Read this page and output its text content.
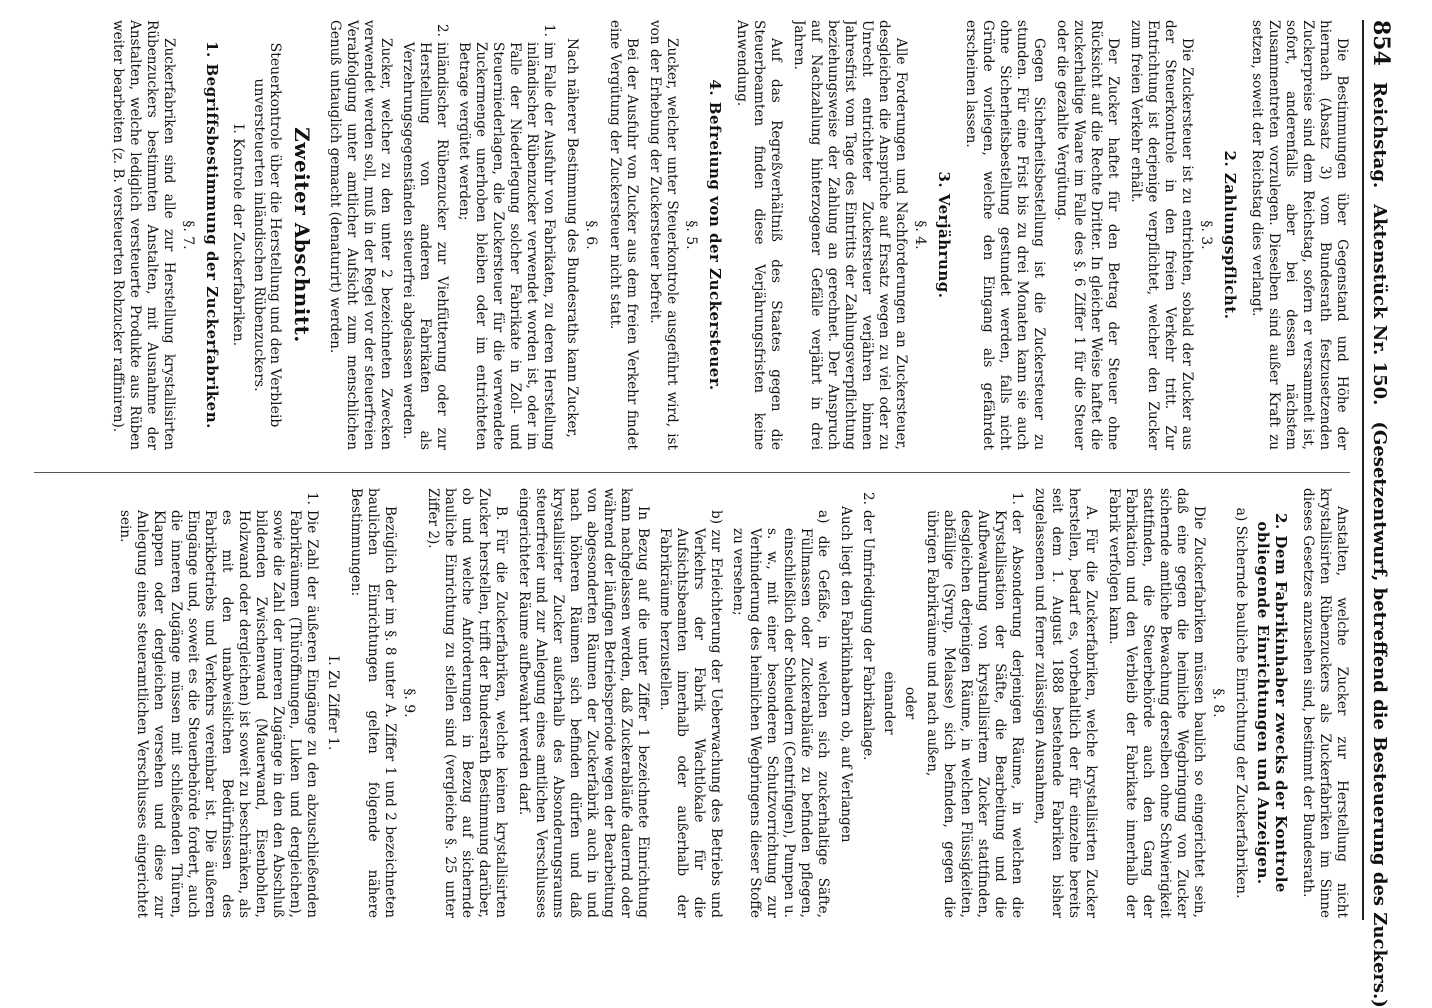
854
Reichstag.
Aktenstück Nr. 150.
(Gesetzentwurf, betreffend die Besteuerung des Zuckers.)

Die Bestimmungen über Gegenstand und Höhe der hiernach (Absatz 3) vom Bundesrath festzusetzenden Zuckerpreise sind dem Reichstag, sofern er versammelt ist, sofort, anderenfalls aber bei dessen nächstem Zusammentreten vorzulegen. Dieselben sind außer Kraft zu setzen, soweit der Reichstag dies verlangt.

2. Zahlungspflicht.
§. 3.

Die Zuckersteuer ist zu entrichten, sobald der Zucker aus der Steuerkontrole in den freien Verkehr tritt. Zur Entrichtung ist derjenige verpflichtet, welcher den Zucker zum freien Verkehr erhält.

Der Zucker haftet für den Betrag der Steuer ohne Rücksicht auf die Rechte Dritter. In gleicher Weise haftet die zuckerhaltige Waare im Falle des §. 6 Ziffer 1 für die Steuer oder die gezahlte Vergütung.

Gegen Sicherheitsbestellung ist die Zuckersteuer zu stunden. Für eine Frist bis zu drei Monaten kann sie auch ohne Sicherheitsbestellung gestundet werden, falls nicht Gründe vorliegen, welche den Eingang als gefährdet erscheinen lassen.

3. Verjährung.
§. 4.

Alle Forderungen und Nachforderungen an Zuckersteuer, desgleichen die Ansprüche auf Ersatz wegen zu viel oder zu Unrecht entrichteter Zuckersteuer verjähren binnen Jahresfrist vom Tage des Eintritts der Zahlungsverpflichtung beziehungsweise der Zahlung an gerechnet. Der Anspruch auf Nachzahlung hinterzogener Gefälle verjährt in drei Jahren.

Auf das Regreßverhältniß des Staates gegen die Steuerbeamten finden diese Verjährungsfristen keine Anwendung.

4. Befreiung von der Zuckersteuer.
§. 5.

Zucker, welcher unter Steuerkontrole ausgeführt wird, ist von der Erhebung der Zuckersteuer befreit.

Bei der Ausfuhr von Zucker aus dem freien Verkehr findet eine Vergütung der Zuckersteuer nicht statt.

§. 6.

Nach näherer Bestimmung des Bundesraths kann Zucker,

1.im Falle der Ausfuhr von Fabrikaten, zu deren Herstellung inländischer Rübenzucker verwendet worden ist, oder im Falle der Niederlegung solcher Fabrikate in Zoll- und Steuerniederlagen, die Zuckersteuer für die verwendete Zuckermenge unerhoben bleiben oder im entrichteten Betrage vergütet werden;
2.inländischer Rübenzucker zur Viehfütterung oder zur Herstellung von anderen Fabrikaten als Verzehrungsgegenständen steuerfrei abgelassen werden.

Zucker, welcher zu den unter 2 bezeichneten Zwecken verwendet werden soll, muß in der Regel vor der steuerfreien Verabfolgung unter amtlicher Aufsicht zum menschlichen Genuß untauglich gemacht (denaturirt) werden.

Zweiter Abschnitt.
Steuerkontrole über die Herstellung und den Verbleib unversteuerten inländischen Rübenzuckers.
I. Kontrole der Zuckerfabriken.
1. Begriffsbestimmung der Zuckerfabriken.
§. 7.

Zuckerfabriken sind alle zur Herstellung krystallisirten Rübenzuckers bestimmten Anstalten, mit Ausnahme der Anstalten, welche lediglich versteuerte Produkte aus Rüben weiter bearbeiten (z. B. versteuerten Rohzucker raffiniren).

Anstalten, welche Zucker zur Herstellung nicht krystallisirten Rübenzuckers als Zuckerfabriken im Sinne dieses Gesetzes anzusehen sind, bestimmt der Bundesrath.

2. Dem Fabrikinhaber zwecks der Kontrole obliegende Einrichtungen und Anzeigen.
a) Sichernde bauliche Einrichtung der Zuckerfabriken.
§. 8.

Die Zuckerfabriken müssen baulich so eingerichtet sein, daß eine gegen die heimliche Wegbringung von Zucker sichernde amtliche Bewachung derselben ohne Schwierigkeit stattfinden, die Steuerbehörde auch den Gang der Fabrikation und den Verbleib der Fabrikate innerhalb der Fabrik verfolgen kann.

A. Für die Zuckerfabriken, welche krystallisirten Zucker herstellen, bedarf es, vorbehaltlich der für einzelne bereits seit dem 1. August 1888 bestehende Fabriken bisher zugelassenen und ferner zulässigen Ausnahmen,

1.der Absonderung derjenigen Räume, in welchen die Krystallisation der Säfte, die Bearbeitung und die Aufbewahrung von krystallisirtem Zucker stattfinden, desgleichen derjenigen Räume, in welchen Flüssigkeiten, abfällige (Syrup, Melasse) sich befinden, gegen die übrigen Fabrikräume und nach außen,
oder
einander
2.der Umfriedigung der Fabrikanlage.

Auch liegt den Fabrikinhabern ob, auf Verlangen

a) die Gefäße, in welchen sich zuckerhaltige Säfte, Füllmassen oder Zuckerabläufe zu befinden pflegen, einschließlich der Schleudern (Centrifugen), Pumpen u. s. w., mit einer besonderen Schutzvorrichtung zur Verhinderung des heimlichen Wegbringens dieser Stoffe zu versehen;
b) zur Erleichterung der Ueberwachung des Betriebs und Verkehrs der Fabrik Wachtlokale für die Aufsichtsbeamten innerhalb oder außerhalb der Fabrikräume herzustellen.

In Bezug auf die unter Ziffer 1 bezeichnete Einrichtung kann nachgelassen werden, daß Zuckerabläufe dauernd oder während der läufigen Betriebsperiode wegen der Bearbeitung von abgesonderten Räumen der Zuckerfabrik auch in und nach höheren Räumen sich befinden dürfen und daß krystallisirter Zucker außerhalb des Absonderungsraums steuerfreier und zur Anlegung eines amtlichen Verschlusses eingerichteter Räume aufbewahrt werden darf.

B. Für die Zuckerfabriken, welche keinen krystallisirten Zucker herstellen, trifft der Bundesrath Bestimmung darüber, ob und welche Anforderungen in Bezug auf sichernde bauliche Einrichtung zu stellen sind (vergleiche §. 25 unter Ziffer 2).

§. 9.

Bezüglich der im §. 8 unter A. Ziffer 1 und 2 bezeichneten baulichen Einrichtungen gelten folgende nähere Bestimmungen:

I. Zu Ziffer 1.
1.Die Zahl der äußeren Eingänge zu den abzuschließenden Fabrikräumen (Thüröffnungen, Luken und dergleichen), sowie die Zahl der inneren Zugänge in den den Abschluß bildenden Zwischenwand (Mauerwand, Eisenbohlen, Holzwand oder dergleichen) ist soweit zu beschränken, als es mit den unabweislichen Bedürfnissen des Fabrikbetriebs und Verkehrs vereinbar ist. Die äußeren Eingänge und, soweit es die Steuerbehörde fordert, auch die inneren Zugänge müssen mit schließenden Thüren, Klappen oder dergleichen versehen und diese zur Anlegung eines steueramtlichen Verschlusses eingerichtet sein.
